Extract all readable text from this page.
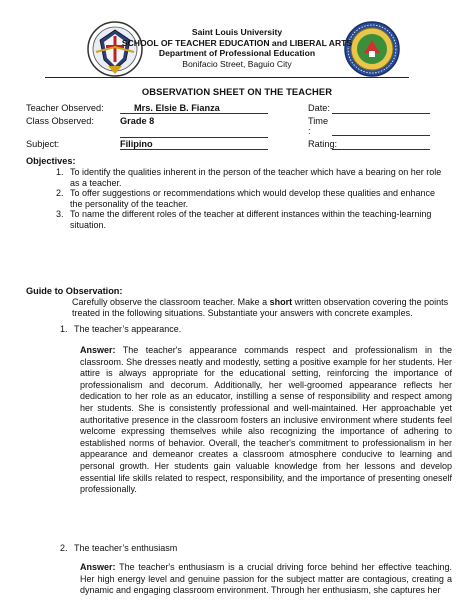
Saint Louis University
SCHOOL OF TEACHER EDUCATION and LIBERAL ARTS
Department of Professional Education
Bonifacio Street, Baguio City
OBSERVATION SHEET ON THE TEACHER
Teacher Observed:	Mrs. Elsie B. Fianza
Class Observed:	Grade 8
Subject:	Filipino
Date:
Time
:
Rating:
Objectives:
1. To identify the qualities inherent in the person of the teacher which have a bearing on her role as a teacher.
2. To offer suggestions or recommendations which would develop these qualities and enhance the personality of the teacher.
3. To name the different roles of the teacher at different instances within the teaching-learning situation.
Guide to Observation:
Carefully observe the classroom teacher. Make a short written observation covering the points treated in the following situations. Substantiate your answers with concrete examples.
1. The teacher’s appearance.
Answer: The teacher's appearance commands respect and professionalism in the classroom. She dresses neatly and modestly, setting a positive example for her students. Her attire is always appropriate for the educational setting, reinforcing the importance of professionalism and decorum. Additionally, her well-groomed appearance reflects her dedication to her role as an educator, instilling a sense of responsibility and respect among her students. She is consistently professional and well-maintained. Her approachable yet authoritative presence in the classroom fosters an inclusive environment where students feel welcome expressing themselves while also recognizing the importance of adhering to established norms of behavior. Overall, the teacher's commitment to professionalism in her appearance and demeanor creates a classroom atmosphere conducive to learning and personal growth. Her students gain valuable knowledge from her lessons and develop essential life skills related to respect, responsibility, and the importance of presenting oneself professionally.
2. The teacher’s enthusiasm
Answer: The teacher's enthusiasm is a crucial driving force behind her effective teaching. Her high energy level and genuine passion for the subject matter are contagious, creating a dynamic and engaging classroom environment. Through her enthusiasm, she captures her
